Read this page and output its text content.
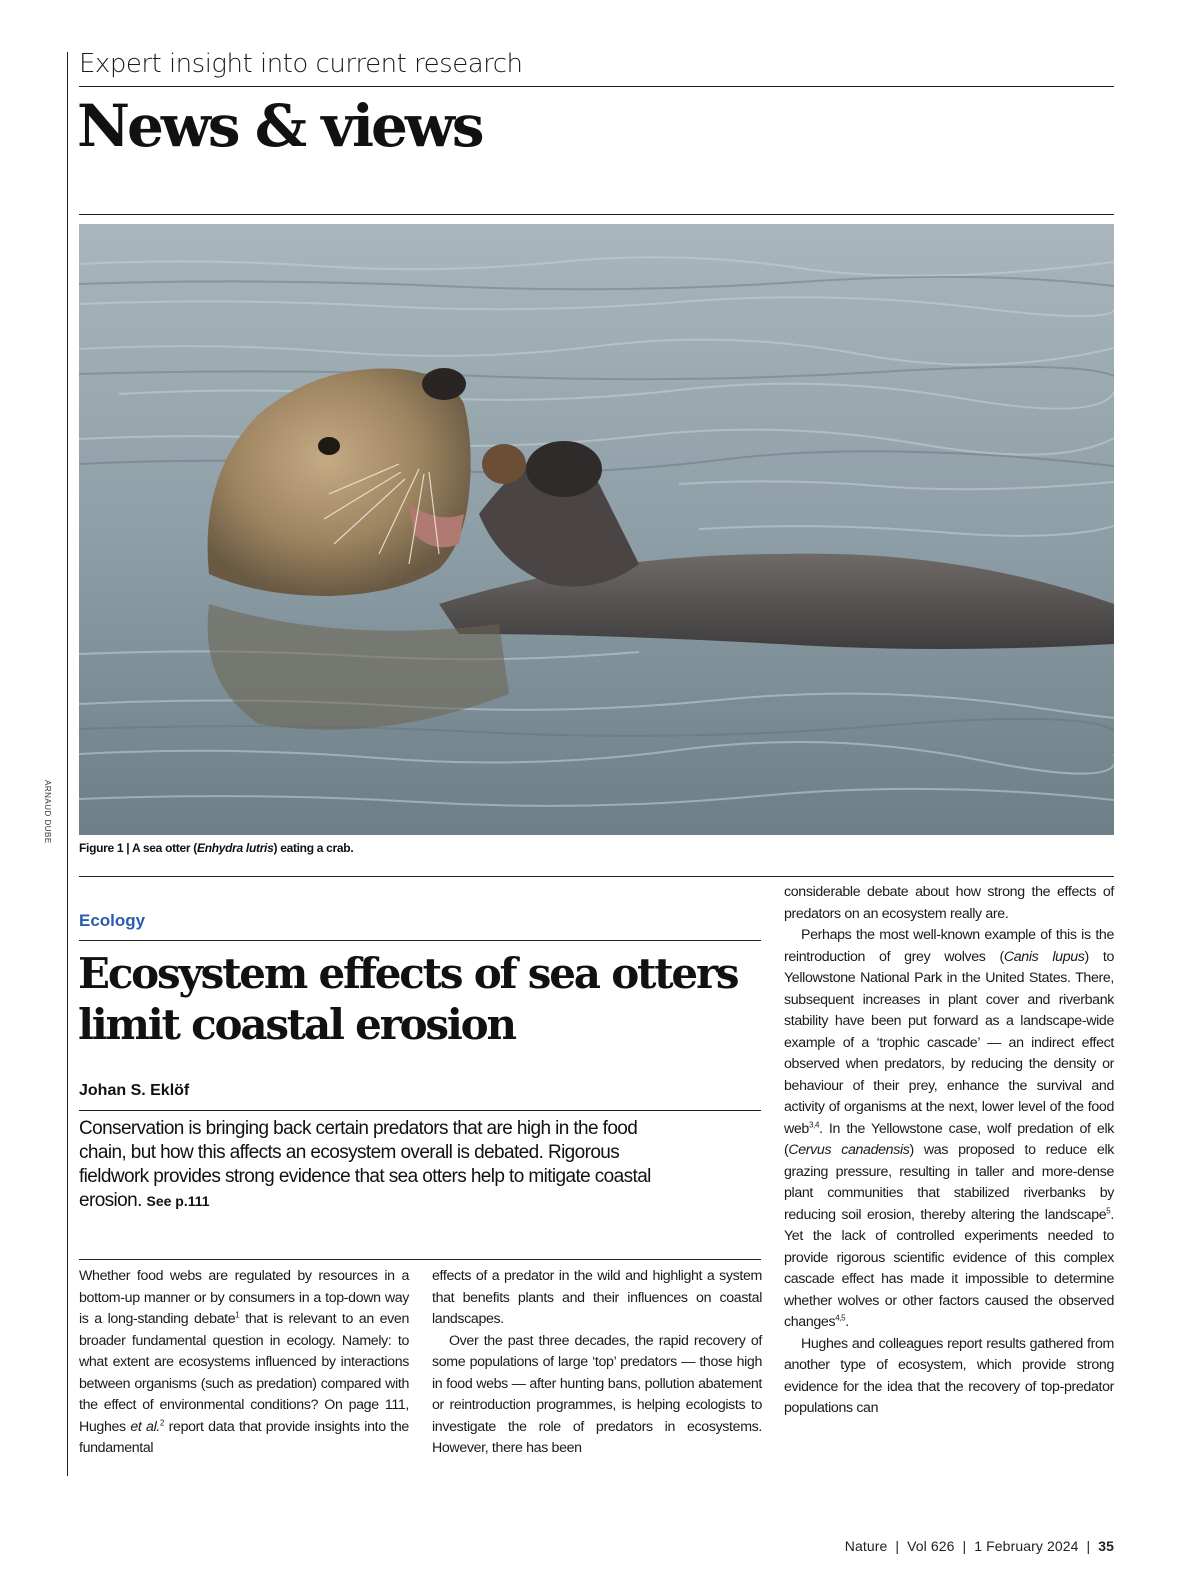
ARNAUD DUBE
Expert insight into current research
News & views
Figure 1 | A sea otter (Enhydra lutris) eating a crab.
Ecology
Ecosystem effects of sea otters limit coastal erosion
Johan S. Eklöf
Conservation is bringing back certain predators that are high in the food chain, but how this affects an ecosystem overall is debated. Rigorous fieldwork provides strong evidence that sea otters help to mitigate coastal erosion. See p.111

Whether food webs are regulated by resources in a bottom-up manner or by consumers in a top-down way is a long-standing debate$^1$ that is relevant to an even broader fundamental question in ecology. Namely: to what extent are ecosystems influenced by interactions between organisms (such as predation) compared with the effect of environmental conditions? On page 111, Hughes et al.$^2$ report data that provide insights into the fundamental

effects of a predator in the wild and highlight a system that benefits plants and their influences on coastal landscapes.

Over the past three decades, the rapid recovery of some populations of large ‘top’ predators — those high in food webs — after hunting bans, pollution abatement or reintroduction programmes, is helping ecologists to investigate the role of predators in ecosystems. However, there has been

considerable debate about how strong the effects of predators on an ecosystem really are.

Perhaps the most well-known example of this is the reintroduction of grey wolves (Canis lupus) to Yellowstone National Park in the United States. There, subsequent increases in plant cover and riverbank stability have been put forward as a landscape-wide example of a ‘trophic cascade’ — an indirect effect observed when predators, by reducing the density or behaviour of their prey, enhance the survival and activity of organisms at the next, lower level of the food web$^{3,4}$. In the Yellowstone case, wolf predation of elk (Cervus canadensis) was proposed to reduce elk grazing pressure, resulting in taller and more-dense plant communities that stabilized riverbanks by reducing soil erosion, thereby altering the landscape$^5$. Yet the lack of controlled experiments needed to provide rigorous scientific evidence of this complex cascade effect has made it impossible to determine whether wolves or other factors caused the observed changes$^{4,5}$.

Hughes and colleagues report results gathered from another type of ecosystem, which provide strong evidence for the idea that the recovery of top-predator populations can

Nature | Vol 626 | 1 February 2024 | 35
